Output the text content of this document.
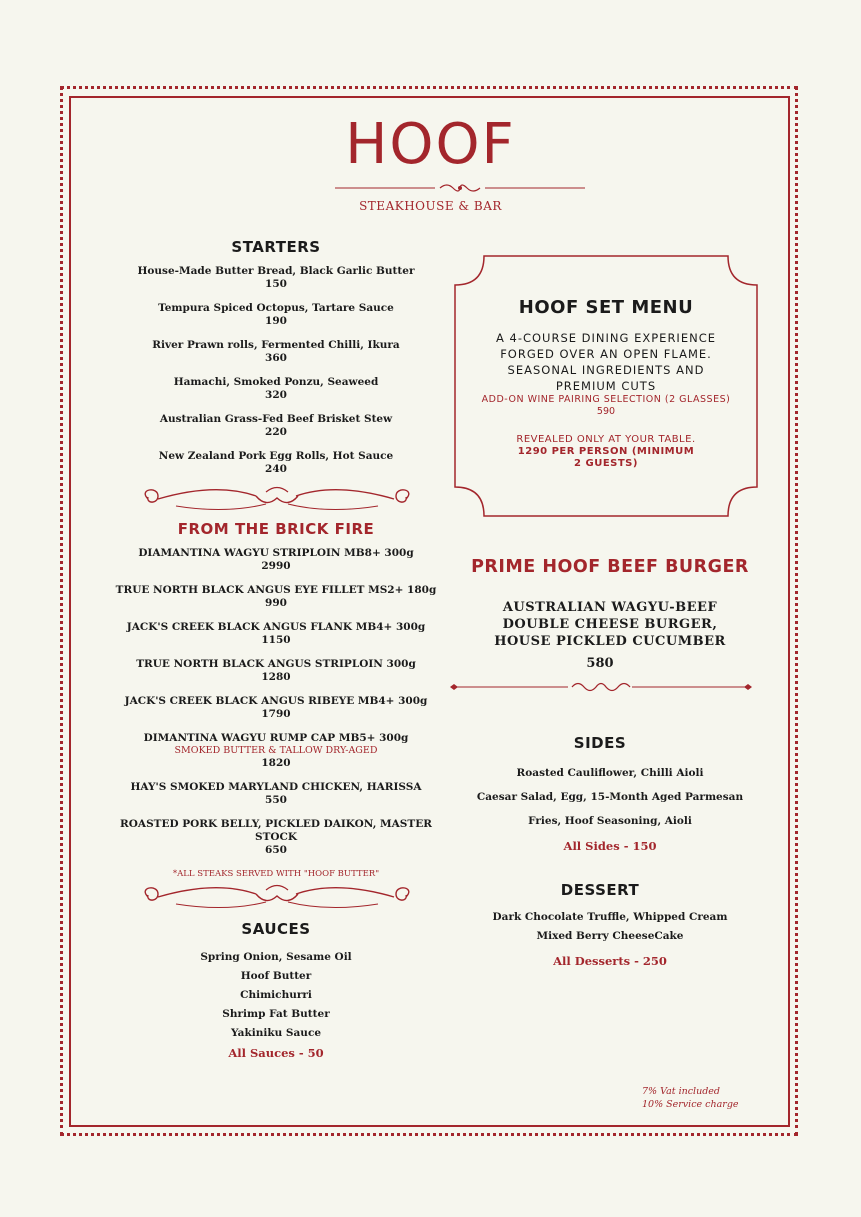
HOOF
STEAKHOUSE & BAR
STARTERS
House-Made Butter Bread, Black Garlic Butter
150
Tempura Spiced Octopus, Tartare Sauce
190
River Prawn rolls, Fermented Chilli, Ikura
360
Hamachi, Smoked Ponzu, Seaweed
320
Australian Grass-Fed Beef Brisket Stew
220
New Zealand Pork Egg Rolls, Hot Sauce
240
FROM THE BRICK FIRE
DIAMANTINA WAGYU STRIPLOIN MB8+ 300g
2990
TRUE NORTH BLACK ANGUS EYE FILLET MS2+ 180g
990
JACK'S CREEK BLACK ANGUS FLANK MB4+ 300g
1150
TRUE NORTH BLACK ANGUS STRIPLOIN 300g
1280
JACK'S CREEK BLACK ANGUS RIBEYE MB4+ 300g
1790
DIMANTINA WAGYU RUMP CAP MB5+ 300g
SMOKED BUTTER & TALLOW DRY-AGED
1820
HAY'S SMOKED MARYLAND CHICKEN, HARISSA
550
ROASTED PORK BELLY, PICKLED DAIKON, MASTER STOCK
650
*ALL STEAKS SERVED WITH "HOOF BUTTER"
SAUCES
Spring Onion, Sesame Oil
Hoof Butter
Chimichurri
Shrimp Fat Butter
Yakiniku Sauce
All Sauces - 50
HOOF SET MENU
A 4-COURSE DINING EXPERIENCE FORGED OVER AN OPEN FLAME. SEASONAL INGREDIENTS AND PREMIUM CUTS
ADD-ON WINE PAIRING SELECTION (2 GLASSES)
590
REVEALED ONLY AT YOUR TABLE.
1290 PER PERSON (MINIMUM 2 GUESTS)
PRIME HOOF BEEF BURGER
AUSTRALIAN WAGYU-BEEF DOUBLE CHEESE BURGER, HOUSE PICKLED CUCUMBER
580
SIDES
Roasted Cauliflower, Chilli Aioli
Caesar Salad, Egg, 15-Month Aged Parmesan
Fries, Hoof Seasoning, Aioli
All Sides - 150
DESSERT
Dark Chocolate Truffle, Whipped Cream
Mixed Berry CheeseCake
All Desserts - 250
7% Vat included
10% Service charge
